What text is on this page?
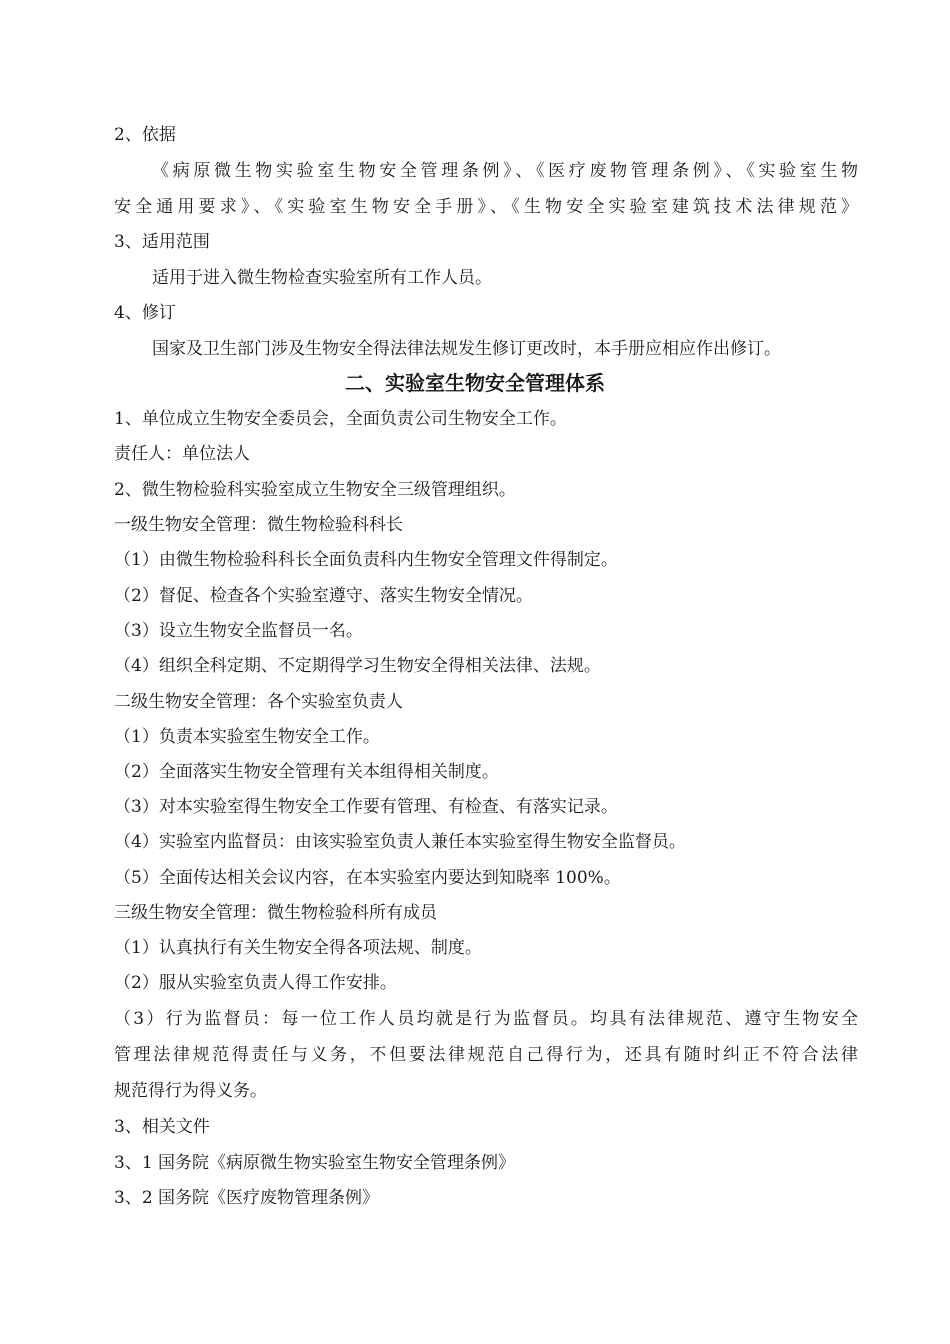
2、依据
《病原微生物实验室生物安全管理条例》、《医疗废物管理条例》、《实验室生物
安全通用要求》、《实验室生物安全手册》、《生物安全实验室建筑技术法律规范》
3、适用范围
适用于进入微生物检查实验室所有工作人员。
4、修订
国家及卫生部门涉及生物安全得法律法规发生修订更改时，本手册应相应作出修订。
二、实验室生物安全管理体系
1、单位成立生物安全委员会，全面负责公司生物安全工作。
责任人：单位法人
2、微生物检验科实验室成立生物安全三级管理组织。
一级生物安全管理：微生物检验科科长
（1）由微生物检验科科长全面负责科内生物安全管理文件得制定。
（2）督促、检查各个实验室遵守、落实生物安全情况。
（3）设立生物安全监督员一名。
（4）组织全科定期、不定期得学习生物安全得相关法律、法规。
二级生物安全管理：各个实验室负责人
（1）负责本实验室生物安全工作。
（2）全面落实生物安全管理有关本组得相关制度。
（3）对本实验室得生物安全工作要有管理、有检查、有落实记录。
（4）实验室内监督员：由该实验室负责人兼任本实验室得生物安全监督员。
（5）全面传达相关会议内容，在本实验室内要达到知晓率 100%。
三级生物安全管理：微生物检验科所有成员
（1）认真执行有关生物安全得各项法规、制度。
（2）服从实验室负责人得工作安排。
（3）行为监督员：每一位工作人员均就是行为监督员。均具有法律规范、遵守生物安全
管理法律规范得责任与义务，不但要法律规范自己得行为，还具有随时纠正不符合法律
规范得行为得义务。
3、相关文件
3、1 国务院《病原微生物实验室生物安全管理条例》
3、2 国务院《医疗废物管理条例》
